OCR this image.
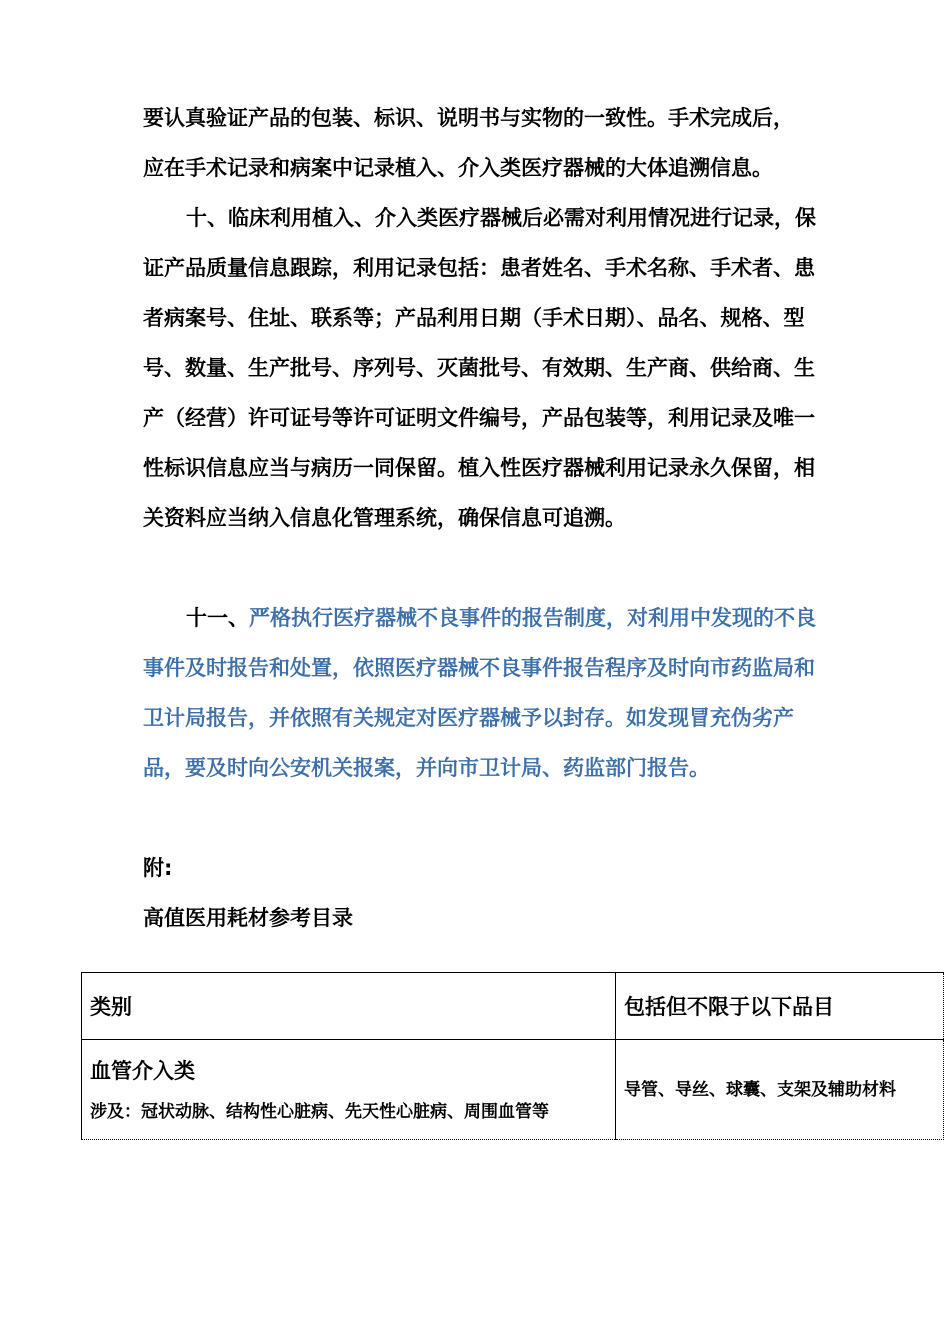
要认真验证产品的包装、标识、说明书与实物的一致性。手术完成后，

应在手术记录和病案中记录植入、介入类医疗器械的大体追溯信息。

十、临床利用植入、介入类医疗器械后必需对利用情况进行记录，保证产品质量信息跟踪，利用记录包括：患者姓名、手术名称、手术者、患者病案号、住址、联系等；产品利用日期（手术日期）、品名、规格、型号、数量、生产批号、序列号、灭菌批号、有效期、生产商、供给商、生产（经营）许可证号等许可证明文件编号，产品包装等，利用记录及唯一性标识信息应当与病历一同保留。植入性医疗器械利用记录永久保留，相关资料应当纳入信息化管理系统，确保信息可追溯。

十一、严格执行医疗器械不良事件的报告制度，对利用中发现的不良事件及时报告和处置，依照医疗器械不良事件报告程序及时向市药监局和卫计局报告，并依照有关规定对医疗器械予以封存。如发现冒充伪劣产品，要及时向公安机关报案，并向市卫计局、药监部门报告。

附:

高值医用耗材参考目录

类别	包括但不限于以下品目

血管介入类
涉及：冠状动脉、结构性心脏病、先天性心脏病、周围血管等	导管、导丝、球囊、支架及辅助材料
